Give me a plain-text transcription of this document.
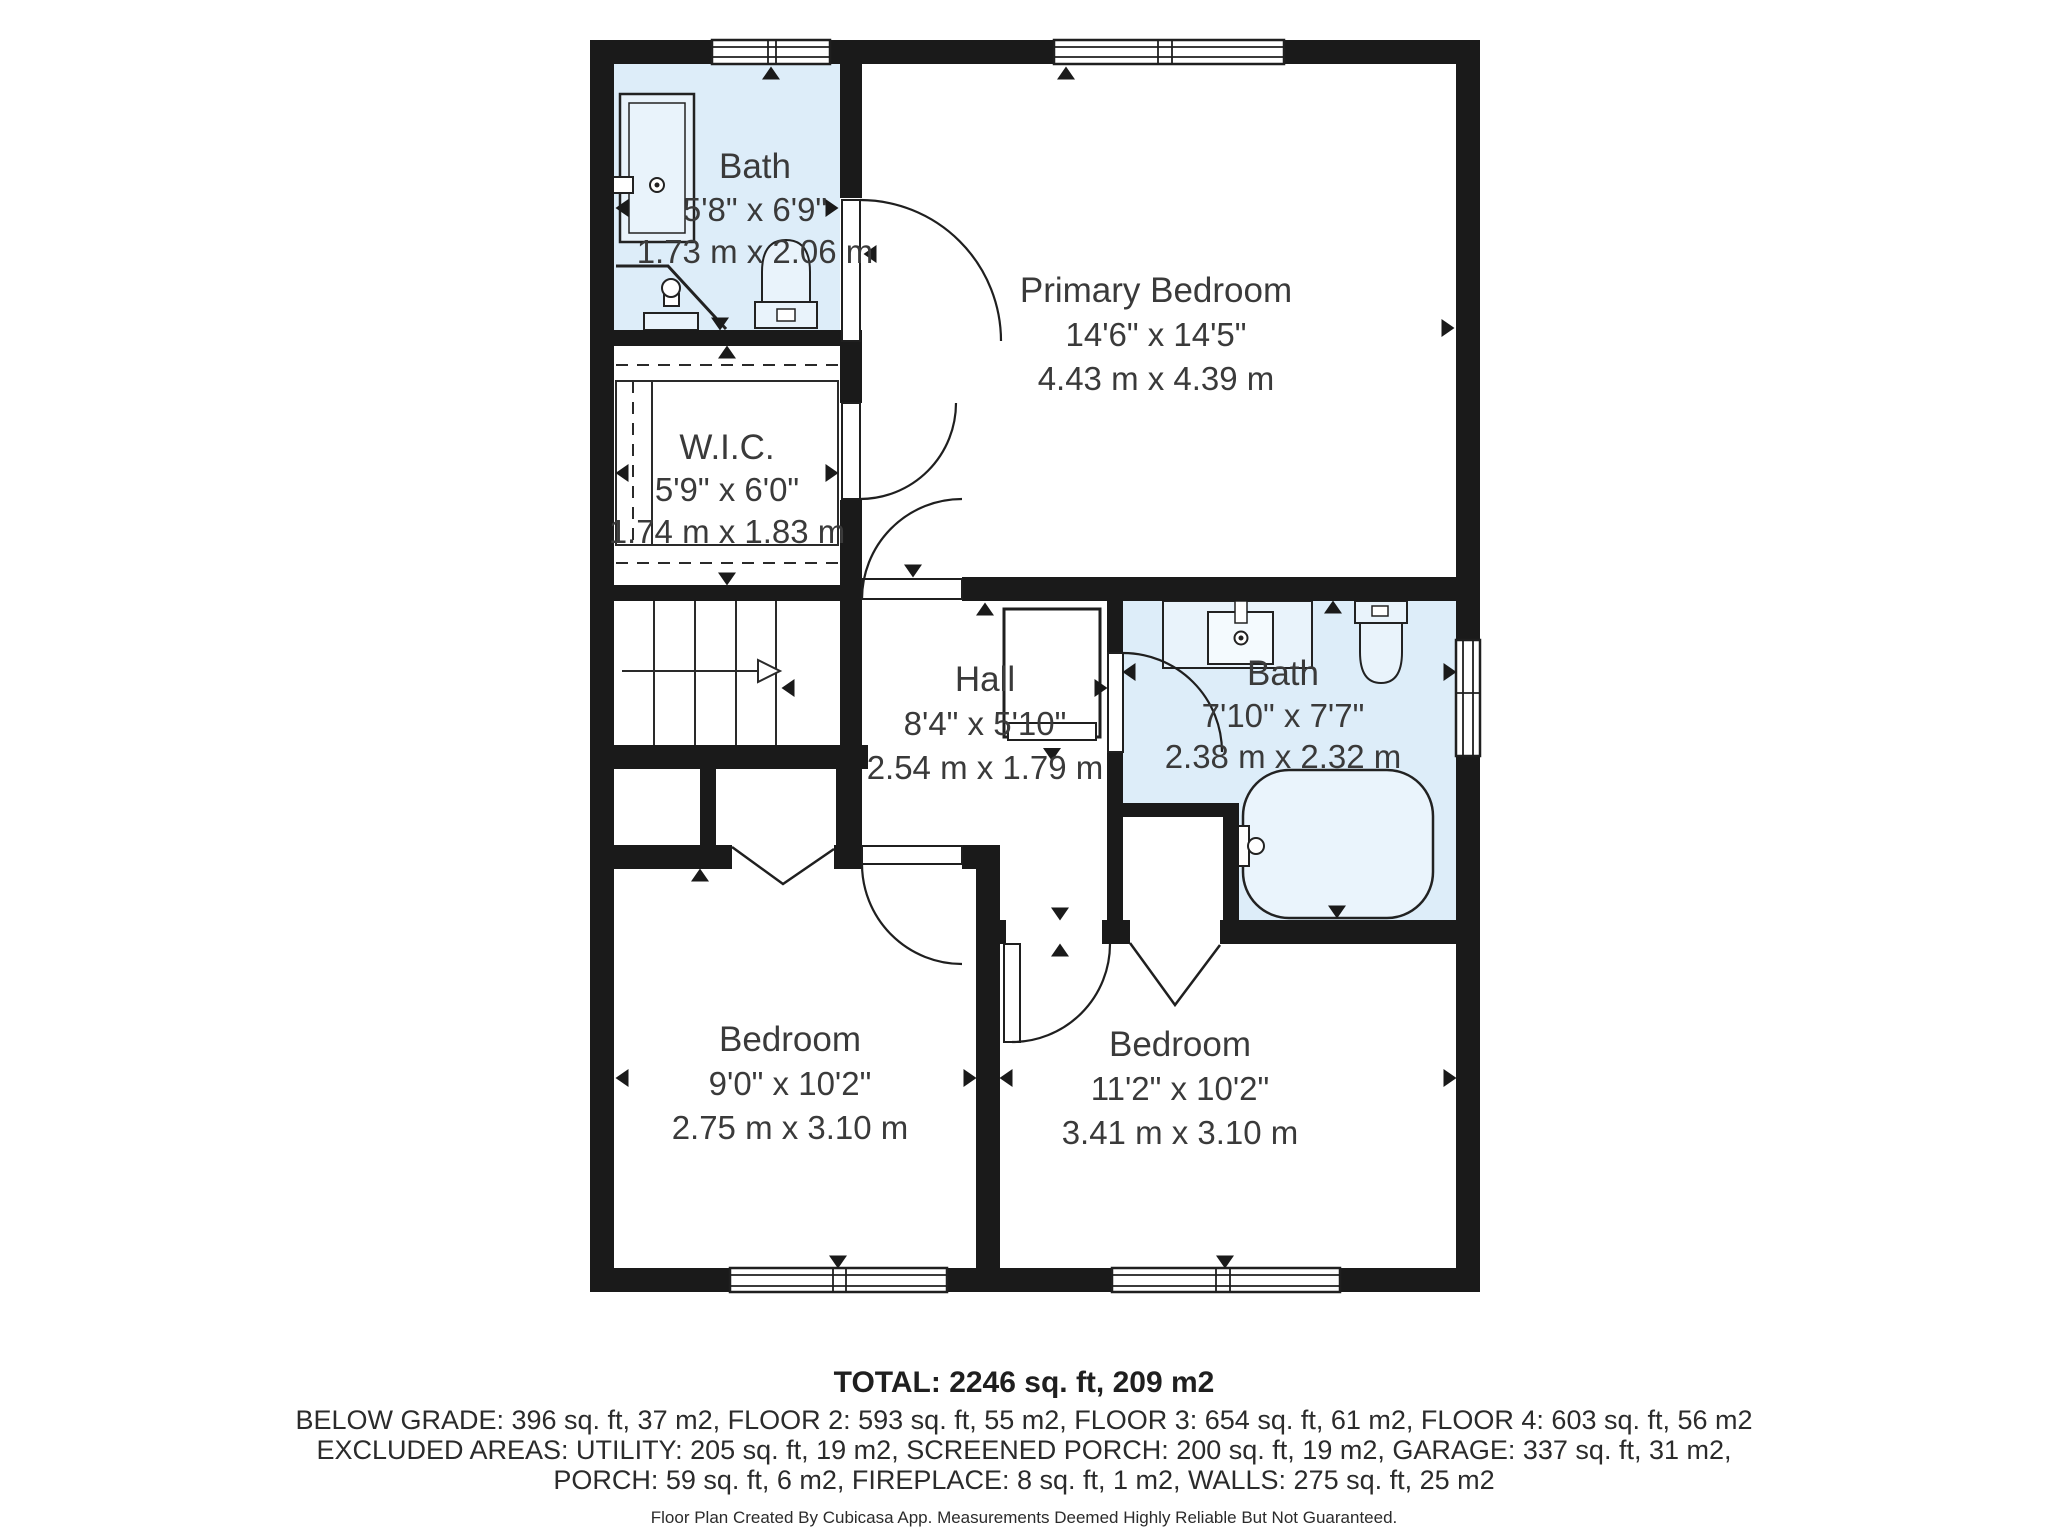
Bath
5'8" x 6'9"
1.73 m x 2.06 m
Primary Bedroom
14'6" x 14'5"
4.43 m x 4.39 m
W.I.C.
5'9" x 6'0"
1.74 m x 1.83 m
Hall
8'4" x 5'10"
2.54 m x 1.79 m
Bath
7'10" x 7'7"
2.38 m x 2.32 m
Bedroom
9'0" x 10'2"
2.75 m x 3.10 m
Bedroom
11'2" x 10'2"
3.41 m x 3.10 m
TOTAL: 2246 sq. ft, 209 m2
BELOW GRADE: 396 sq. ft, 37 m2, FLOOR 2: 593 sq. ft, 55 m2, FLOOR 3: 654 sq. ft, 61 m2, FLOOR 4: 603 sq. ft, 56 m2
EXCLUDED AREAS: UTILITY: 205 sq. ft, 19 m2, SCREENED PORCH: 200 sq. ft, 19 m2, GARAGE: 337 sq. ft, 31 m2,
PORCH: 59 sq. ft, 6 m2, FIREPLACE: 8 sq. ft, 1 m2, WALLS: 275 sq. ft, 25 m2
Floor Plan Created By Cubicasa App. Measurements Deemed Highly Reliable But Not Guaranteed.
